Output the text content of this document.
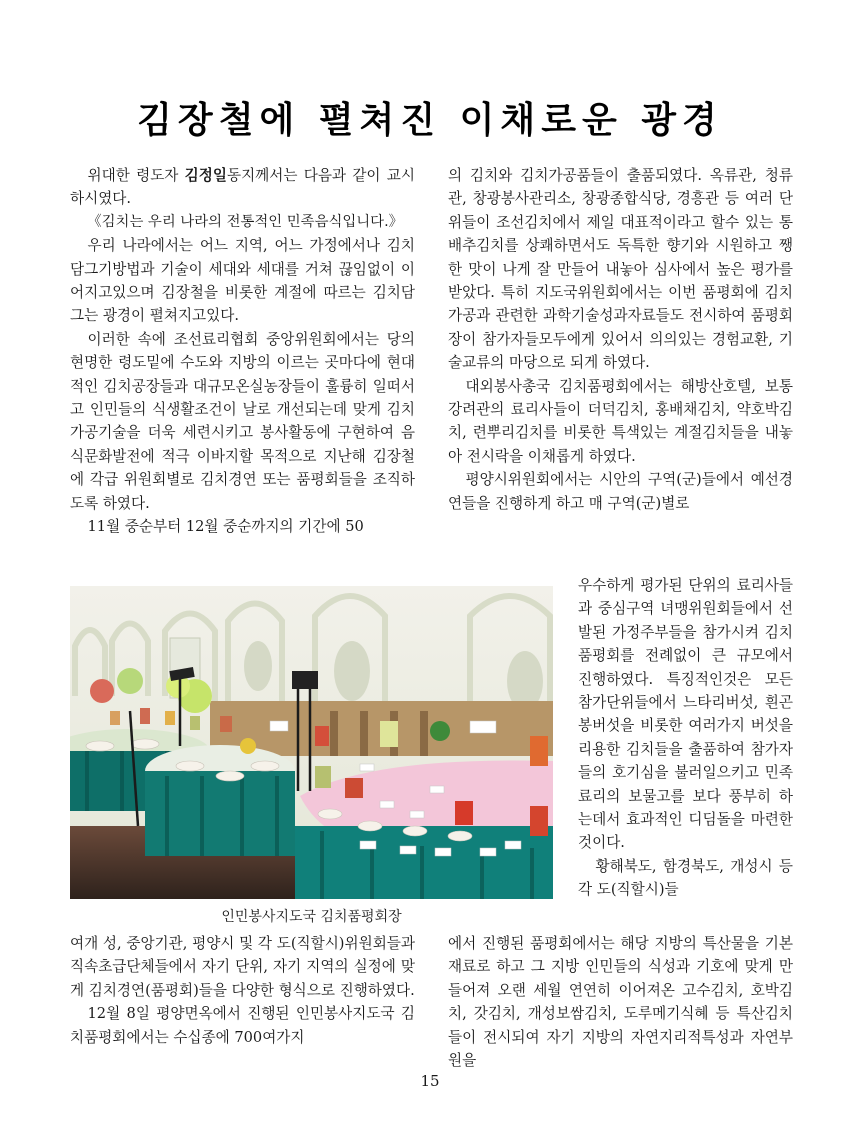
김장철에 펼쳐진 이채로운 광경

위대한 령도자 김정일동지께서는 다음과 같이 교시하시였다.

《김치는 우리 나라의 전통적인 민족음식입니다.》

우리 나라에서는 어느 지역, 어느 가정에서나 김치담그기방법과 기술이 세대와 세대를 거쳐 끊임없이 이어지고있으며 김장철을 비롯한 계절에 따르는 김치담그는 광경이 펼쳐지고있다.

이러한 속에 조선료리협회 중앙위원회에서는 당의 현명한 령도밑에 수도와 지방의 이르는 곳마다에 현대적인 김치공장들과 대규모온실농장들이 훌륭히 일떠서고 인민들의 식생활조건이 날로 개선되는데 맞게 김치가공기술을 더욱 세련시키고 봉사활동에 구현하여 음식문화발전에 적극 이바지할 목적으로 지난해 김장철에 각급 위원회별로 김치경연 또는 품평회들을 조직하도록 하였다.

11월 중순부터 12월 중순까지의 기간에 50

의 김치와 김치가공품들이 출품되였다. 옥류관, 청류관, 창광봉사관리소, 창광종합식당, 경흥관 등 여러 단위들이 조선김치에서 제일 대표적이라고 할수 있는 통배추김치를 상쾌하면서도 독특한 향기와 시원하고 쨍한 맛이 나게 잘 만들어 내놓아 심사에서 높은 평가를 받았다. 특히 지도국위원회에서는 이번 품평회에 김치가공과 관련한 과학기술성과자료들도 전시하여 품평회장이 참가자들모두에게 있어서 의의있는 경험교환, 기술교류의 마당으로 되게 하였다.

대외봉사총국 김치품평회에서는 해방산호텔, 보통강려관의 료리사들이 더덕김치, 홍배채김치, 약호박김치, 련뿌리김치를 비롯한 특색있는 계절김치들을 내놓아 전시락을 이채롭게 하였다.

평양시위원회에서는 시안의 구역(군)들에서 예선경연들을 진행하게 하고 매 구역(군)별로

인민봉사지도국 김치품평회장

우수하게 평가된 단위의 료리사들과 중심구역 녀맹위원회들에서 선발된 가정주부들을 참가시켜 김치품평회를 전례없이 큰 규모에서 진행하였다. 특징적인것은 모든 참가단위들에서 느타리버섯, 흰곤봉버섯을 비롯한 여러가지 버섯을 리용한 김치들을 출품하여 참가자들의 호기심을 불러일으키고 민족료리의 보물고를 보다 풍부히 하는데서 효과적인 디딤돌을 마련한것이다.

황해북도, 함경북도, 개성시 등 각 도(직할시)들

여개 성, 중앙기관, 평양시 및 각 도(직할시)위원회들과 직속초급단체들에서 자기 단위, 자기 지역의 실정에 맞게 김치경연(품평회)들을 다양한 형식으로 진행하였다.

12월 8일 평양면옥에서 진행된 인민봉사지도국 김치품평회에서는 수십종에 700여가지

에서 진행된 품평회에서는 해당 지방의 특산물을 기본재료로 하고 그 지방 인민들의 식성과 기호에 맞게 만들어져 오랜 세월 연연히 이어져온 고수김치, 호박김치, 갓김치, 개성보쌈김치, 도루메기식혜 등 특산김치들이 전시되여 자기 지방의 자연지리적특성과 자연부원을

15
